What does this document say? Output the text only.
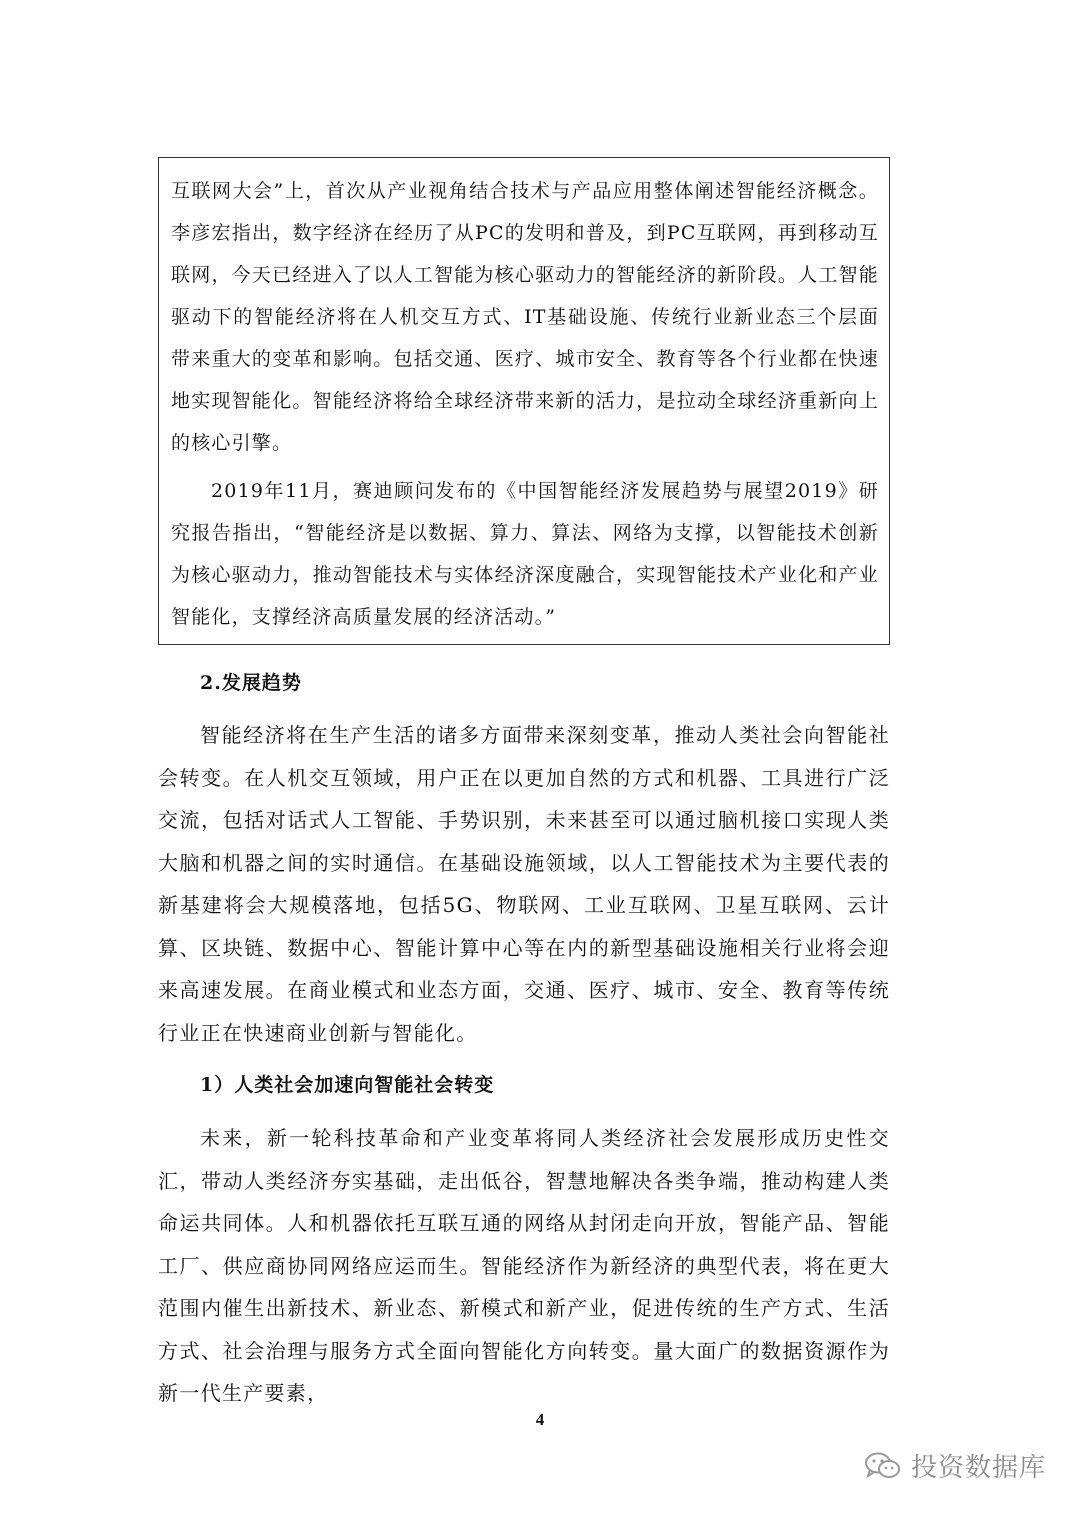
互联网大会”上，首次从产业视角结合技术与产品应用整体阐述智能经济概念。李彦宏指出，数字经济在经历了从PC的发明和普及，到PC互联网，再到移动互联网，今天已经进入了以人工智能为核心驱动力的智能经济的新阶段。人工智能驱动下的智能经济将在人机交互方式、IT基础设施、传统行业新业态三个层面带来重大的变革和影响。包括交通、医疗、城市安全、教育等各个行业都在快速地实现智能化。智能经济将给全球经济带来新的活力，是拉动全球经济重新向上的核心引擎。

2019年11月，赛迪顾问发布的《中国智能经济发展趋势与展望2019》研究报告指出，“智能经济是以数据、算力、算法、网络为支撑，以智能技术创新为核心驱动力，推动智能技术与实体经济深度融合，实现智能技术产业化和产业智能化，支撑经济高质量发展的经济活动。”

2.发展趋势

智能经济将在生产生活的诸多方面带来深刻变革，推动人类社会向智能社会转变。在人机交互领域，用户正在以更加自然的方式和机器、工具进行广泛交流，包括对话式人工智能、手势识别，未来甚至可以通过脑机接口实现人类大脑和机器之间的实时通信。在基础设施领域，以人工智能技术为主要代表的新基建将会大规模落地，包括5G、物联网、工业互联网、卫星互联网、云计算、区块链、数据中心、智能计算中心等在内的新型基础设施相关行业将会迎来高速发展。在商业模式和业态方面，交通、医疗、城市、安全、教育等传统行业正在快速商业创新与智能化。

1）人类社会加速向智能社会转变

未来，新一轮科技革命和产业变革将同人类经济社会发展形成历史性交汇，带动人类经济夯实基础，走出低谷，智慧地解决各类争端，推动构建人类命运共同体。人和机器依托互联互通的网络从封闭走向开放，智能产品、智能工厂、供应商协同网络应运而生。智能经济作为新经济的典型代表，将在更大范围内催生出新技术、新业态、新模式和新产业，促进传统的生产方式、生活方式、社会治理与服务方式全面向智能化方向转变。量大面广的数据资源作为新一代生产要素，

4
投资数据库
